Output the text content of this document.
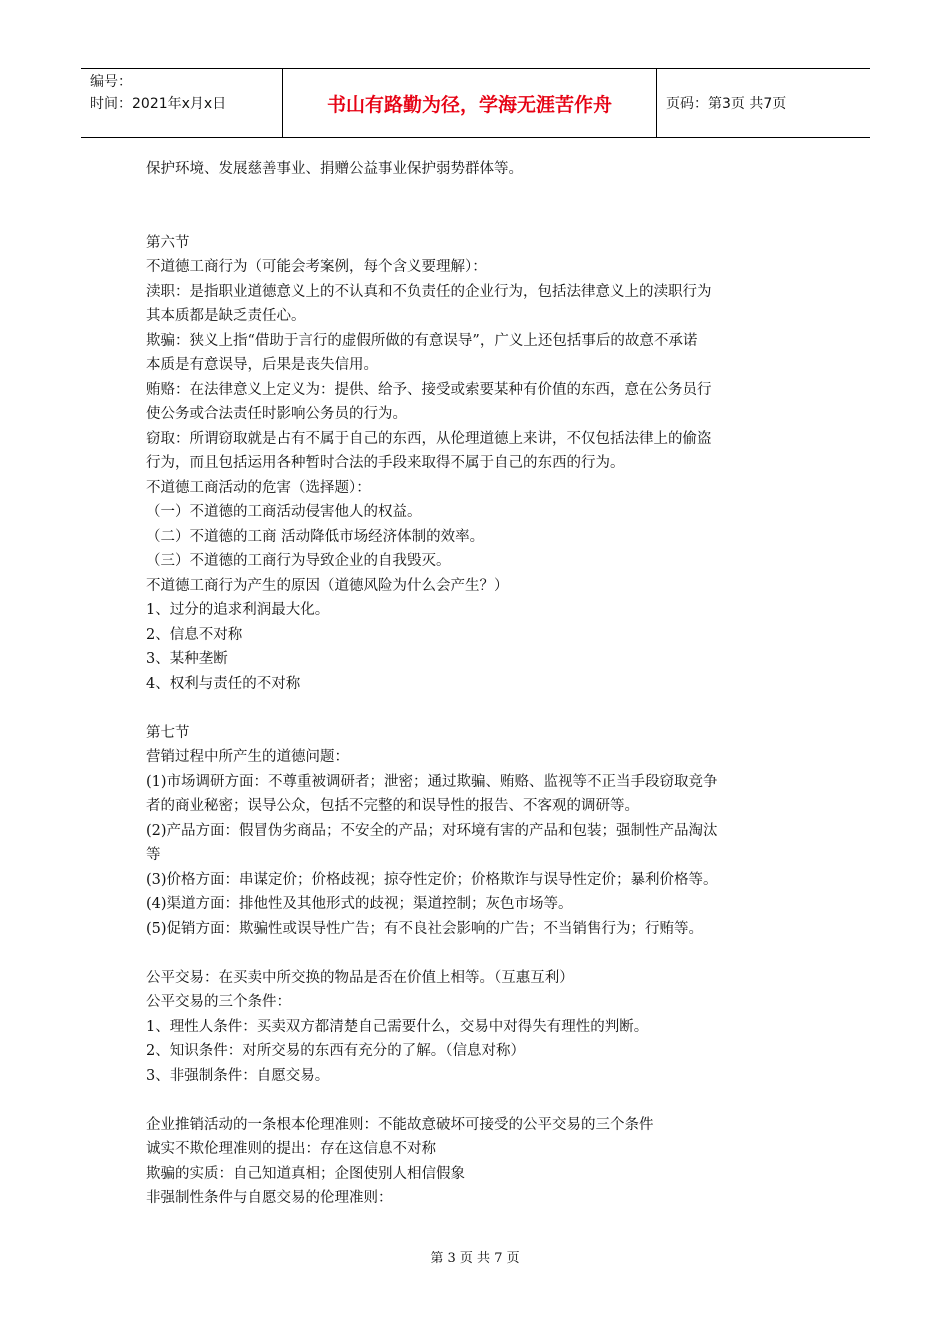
编号：
时间：2021年x月x日	书山有路勤为径，学海无涯苦作舟	页码：第3页 共7页
保护环境、发展慈善事业、捐赠公益事业保护弱势群体等。
第六节
不道德工商行为（可能会考案例，每个含义要理解）：
渎职：是指职业道德意义上的不认真和不负责任的企业行为，包括法律意义上的渎职行为
其本质都是缺乏责任心。
欺骗：狭义上指“借助于言行的虚假所做的有意误导”，广义上还包括事后的故意不承诺
本质是有意误导，后果是丧失信用。
贿赂：在法律意义上定义为：提供、给予、接受或索要某种有价值的东西，意在公务员行
使公务或合法责任时影响公务员的行为。
窃取：所谓窃取就是占有不属于自己的东西，从伦理道德上来讲，不仅包括法律上的偷盗
行为，而且包括运用各种暂时合法的手段来取得不属于自己的东西的行为。
不道德工商活动的危害（选择题）：
（一）不道德的工商活动侵害他人的权益。
（二）不道德的工商 活动降低市场经济体制的效率。
（三）不道德的工商行为导致企业的自我毁灭。
不道德工商行为产生的原因（道德风险为什么会产生？）
1、过分的追求利润最大化。
2、信息不对称
3、某种垄断
4、权利与责任的不对称
第七节
营销过程中所产生的道德问题：
(1)市场调研方面：不尊重被调研者；泄密；通过欺骗、贿赂、监视等不正当手段窃取竞争
者的商业秘密；误导公众，包括不完整的和误导性的报告、不客观的调研等。
(2)产品方面：假冒伪劣商品；不安全的产品；对环境有害的产品和包装；强制性产品淘汰
等
(3)价格方面：串谋定价；价格歧视；掠夺性定价；价格欺诈与误导性定价；暴利价格等。
(4)渠道方面：排他性及其他形式的歧视；渠道控制；灰色市场等。
(5)促销方面：欺骗性或误导性广告；有不良社会影响的广告；不当销售行为；行贿等。
公平交易：在买卖中所交换的物品是否在价值上相等。（互惠互利）
公平交易的三个条件：
1、理性人条件：买卖双方都清楚自己需要什么，交易中对得失有理性的判断。
2、知识条件：对所交易的东西有充分的了解。（信息对称）
3、非强制条件：自愿交易。
企业推销活动的一条根本伦理准则：不能故意破坏可接受的公平交易的三个条件
诚实不欺伦理准则的提出：存在这信息不对称
欺骗的实质：自己知道真相；企图使别人相信假象
非强制性条件与自愿交易的伦理准则：
第 3 页 共 7 页
